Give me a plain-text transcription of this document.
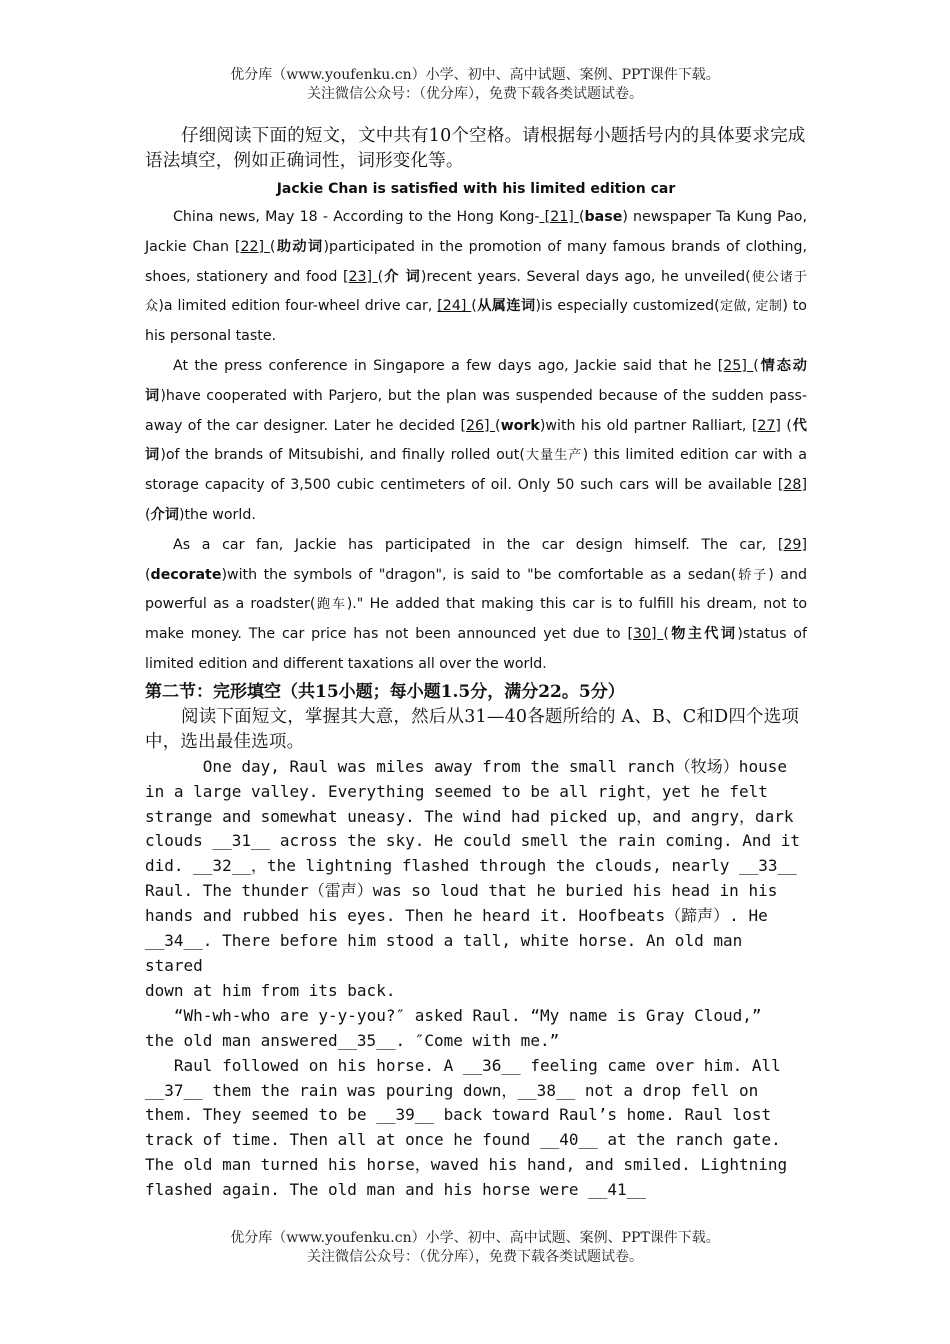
优分库（www.youfenku.cn）小学、初中、高中试题、案例、PPT课件下载。
关注微信公众号：（优分库），免费下载各类试题试卷。

仔细阅读下面的短文，文中共有10个空格。请根据每小题括号内的具体要求完成语法填空，例如正确词性，词形变化等。

Jackie Chan is satisfied with his limited edition car

China news, May 18 - According to the Hong Kong- [21] (base) newspaper Ta Kung Pao, Jackie Chan [22] (助动词)participated in the promotion of many famous brands of clothing, shoes, stationery and food [23] (介 词)recent years. Several days ago, he unveiled(使公诸于众)a limited edition four-wheel drive car, [24] (从属连词)is especially customized(定做, 定制) to his personal taste.

At the press conference in Singapore a few days ago, Jackie said that he [25] (情态动词)have cooperated with Parjero, but the plan was suspended because of the sudden pass-away of the car designer. Later he decided [26] (work)with his old partner Ralliart, [27] (代词)of the brands of Mitsubishi, and finally rolled out(大量生产) this limited edition car with a storage capacity of 3,500 cubic centimeters of oil. Only 50 such cars will be available [28] (介词)the world.

As a car fan, Jackie has participated in the car design himself. The car, [29] (decorate)with the symbols of "dragon", is said to "be comfortable as a sedan(轿子) and powerful as a roadster(跑车)." He added that making this car is to fulfill his dream, not to make money. The car price has not been announced yet due to [30] (物主代词)status of limited edition and different taxations all over the world.

第二节：完形填空（共15小题；每小题1.5分，满分22。5分）

阅读下面短文，掌握其大意，然后从31—40各题所给的 A、B、C和D四个选项中，选出最佳选项。

One day, Raul was miles away from the small ranch（牧场）house

in a large valley. Everything seemed to be all right，yet he felt

strange and somewhat uneasy. The wind had picked up，and angry，dark

clouds __31__ across the sky. He could smell the rain coming. And it

did. __32__，the lightning flashed through the clouds, nearly __33__

Raul. The thunder（雷声）was so loud that he buried his head in his

hands and rubbed his eyes. Then he heard it. Hoofbeats（蹄声）. He

__34__. There before him stood a tall, white horse. An old man stared

down at him from its back.

“Wh-wh-who are y-y-you?″ asked Raul. “My name is Gray Cloud,”

the old man answered__35__. ″Come with me.”

Raul followed on his horse. A __36__ feeling came over him. All

__37__ them the rain was pouring down，__38__ not a drop fell on

them. They seemed to be __39__ back toward Raul’s home. Raul lost

track of time. Then all at once he found __40__ at the ranch gate.

The old man turned his horse，waved his hand, and smiled. Lightning

flashed again. The old man and his horse were __41__

优分库（www.youfenku.cn）小学、初中、高中试题、案例、PPT课件下载。
关注微信公众号：（优分库），免费下载各类试题试卷。
